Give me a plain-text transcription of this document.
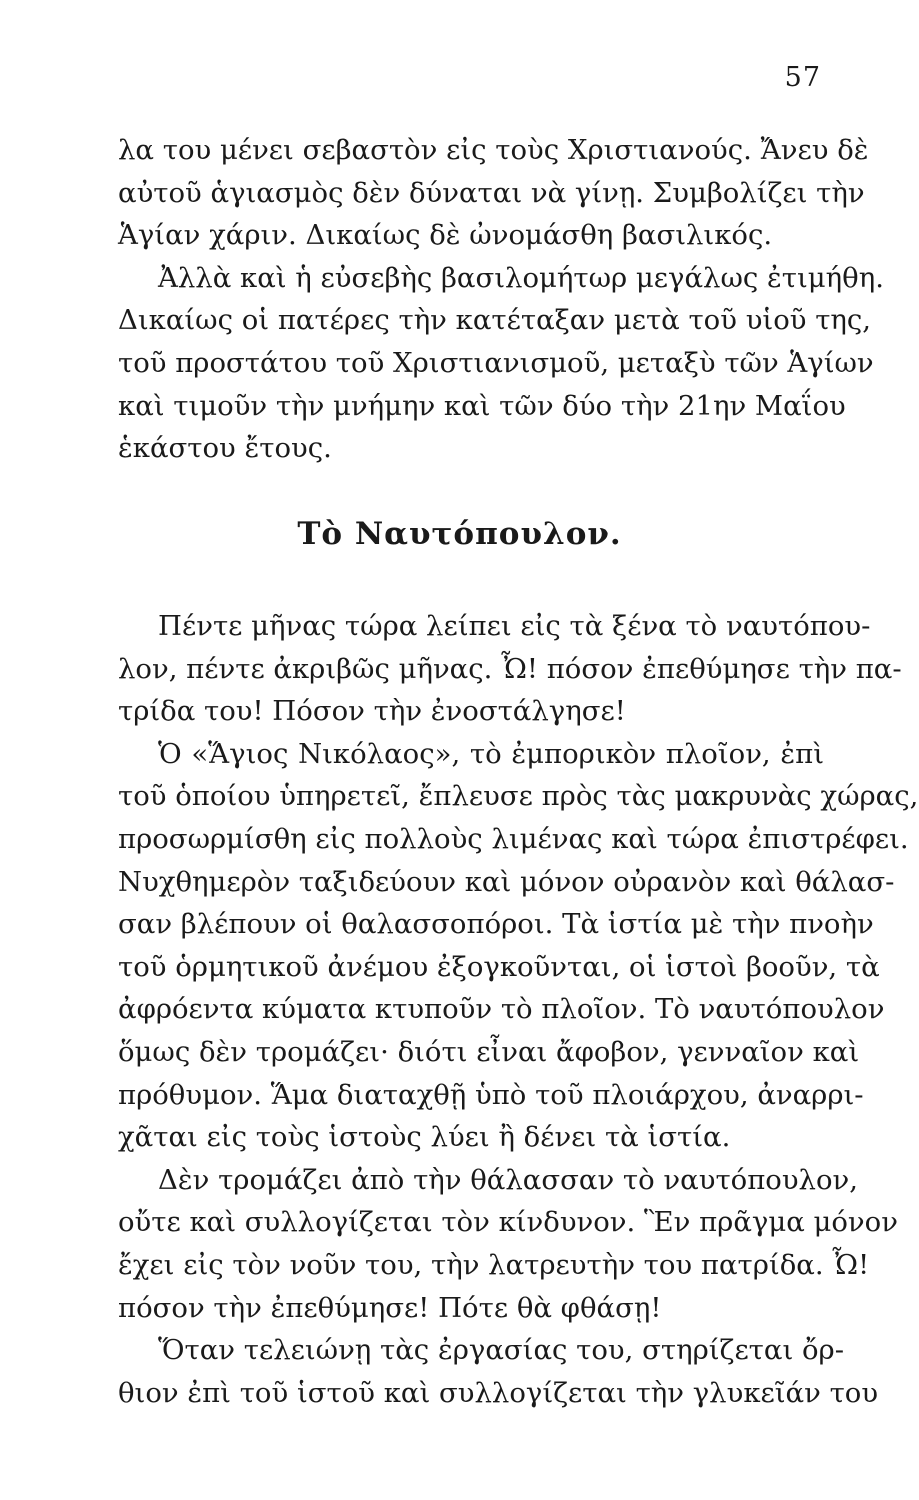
57
λα του μένει σεβαστὸν εἰς τοὺς Χριστιανούς. Ἄνευ δὲ
αὐτοῦ ἁγιασμὸς δὲν δύναται νὰ γίνῃ. Συμβολίζει τὴν
Ἁγίαν χάριν. Δικαίως δὲ ὠνομάσθη βασιλικός.
Ἀλλὰ καὶ ἡ εὐσεβὴς βασιλομήτωρ μεγάλως ἐτιμήθη.
Δικαίως οἱ πατέρες τὴν κατέταξαν μετὰ τοῦ υἱοῦ της,
τοῦ προστάτου τοῦ Χριστιανισμοῦ, μεταξὺ τῶν Ἁγίων
καὶ τιμοῦν τὴν μνήμην καὶ τῶν δύο τὴν 21ην Μαΐου
ἑκάστου ἔτους.
Τὸ Ναυτόπουλον.
Πέντε μῆνας τώρα λείπει εἰς τὰ ξένα τὸ ναυτόπου-
λον, πέντε ἀκριβῶς μῆνας. Ὦ! πόσον ἐπεθύμησε τὴν πα-
τρίδα του! Πόσον τὴν ἐνοστάλγησε!
Ὁ «Ἅγιος Νικόλαος», τὸ ἐμπορικὸν πλοῖον, ἐπὶ
τοῦ ὁποίου ὑπηρετεῖ, ἔπλευσε πρὸς τὰς μακρυνὰς χώρας,
προσωρμίσθη εἰς πολλοὺς λιμένας καὶ τώρα ἐπιστρέφει.
Νυχθημερὸν ταξιδεύουν καὶ μόνον οὐρανὸν καὶ θάλασ-
σαν βλέπουν οἱ θαλασσοπόροι. Τὰ ἱστία μὲ τὴν πνοὴν
τοῦ ὁρμητικοῦ ἀνέμου ἐξογκοῦνται, οἱ ἱστοὶ βοοῦν, τὰ
ἀφρόεντα κύματα κτυποῦν τὸ πλοῖον. Τὸ ναυτόπουλον
ὅμως δὲν τρομάζει· διότι εἶναι ἄφοβον, γενναῖον καὶ
πρόθυμον. Ἅμα διαταχθῇ ὑπὸ τοῦ πλοιάρχου, ἀναρρι-
χᾶται εἰς τοὺς ἱστοὺς λύει ἢ δένει τὰ ἱστία.
Δὲν τρομάζει ἀπὸ τὴν θάλασσαν τὸ ναυτόπουλον,
οὔτε καὶ συλλογίζεται τὸν κίνδυνον. Ἓν πρᾶγμα μόνον
ἔχει εἰς τὸν νοῦν του, τὴν λατρευτὴν του πατρίδα. Ὦ!
πόσον τὴν ἐπεθύμησε! Πότε θὰ φθάσῃ!
Ὅταν τελειώνῃ τὰς ἐργασίας του, στηρίζεται ὄρ-
θιον ἐπὶ τοῦ ἱστοῦ καὶ συλλογίζεται τὴν γλυκεῖάν του
